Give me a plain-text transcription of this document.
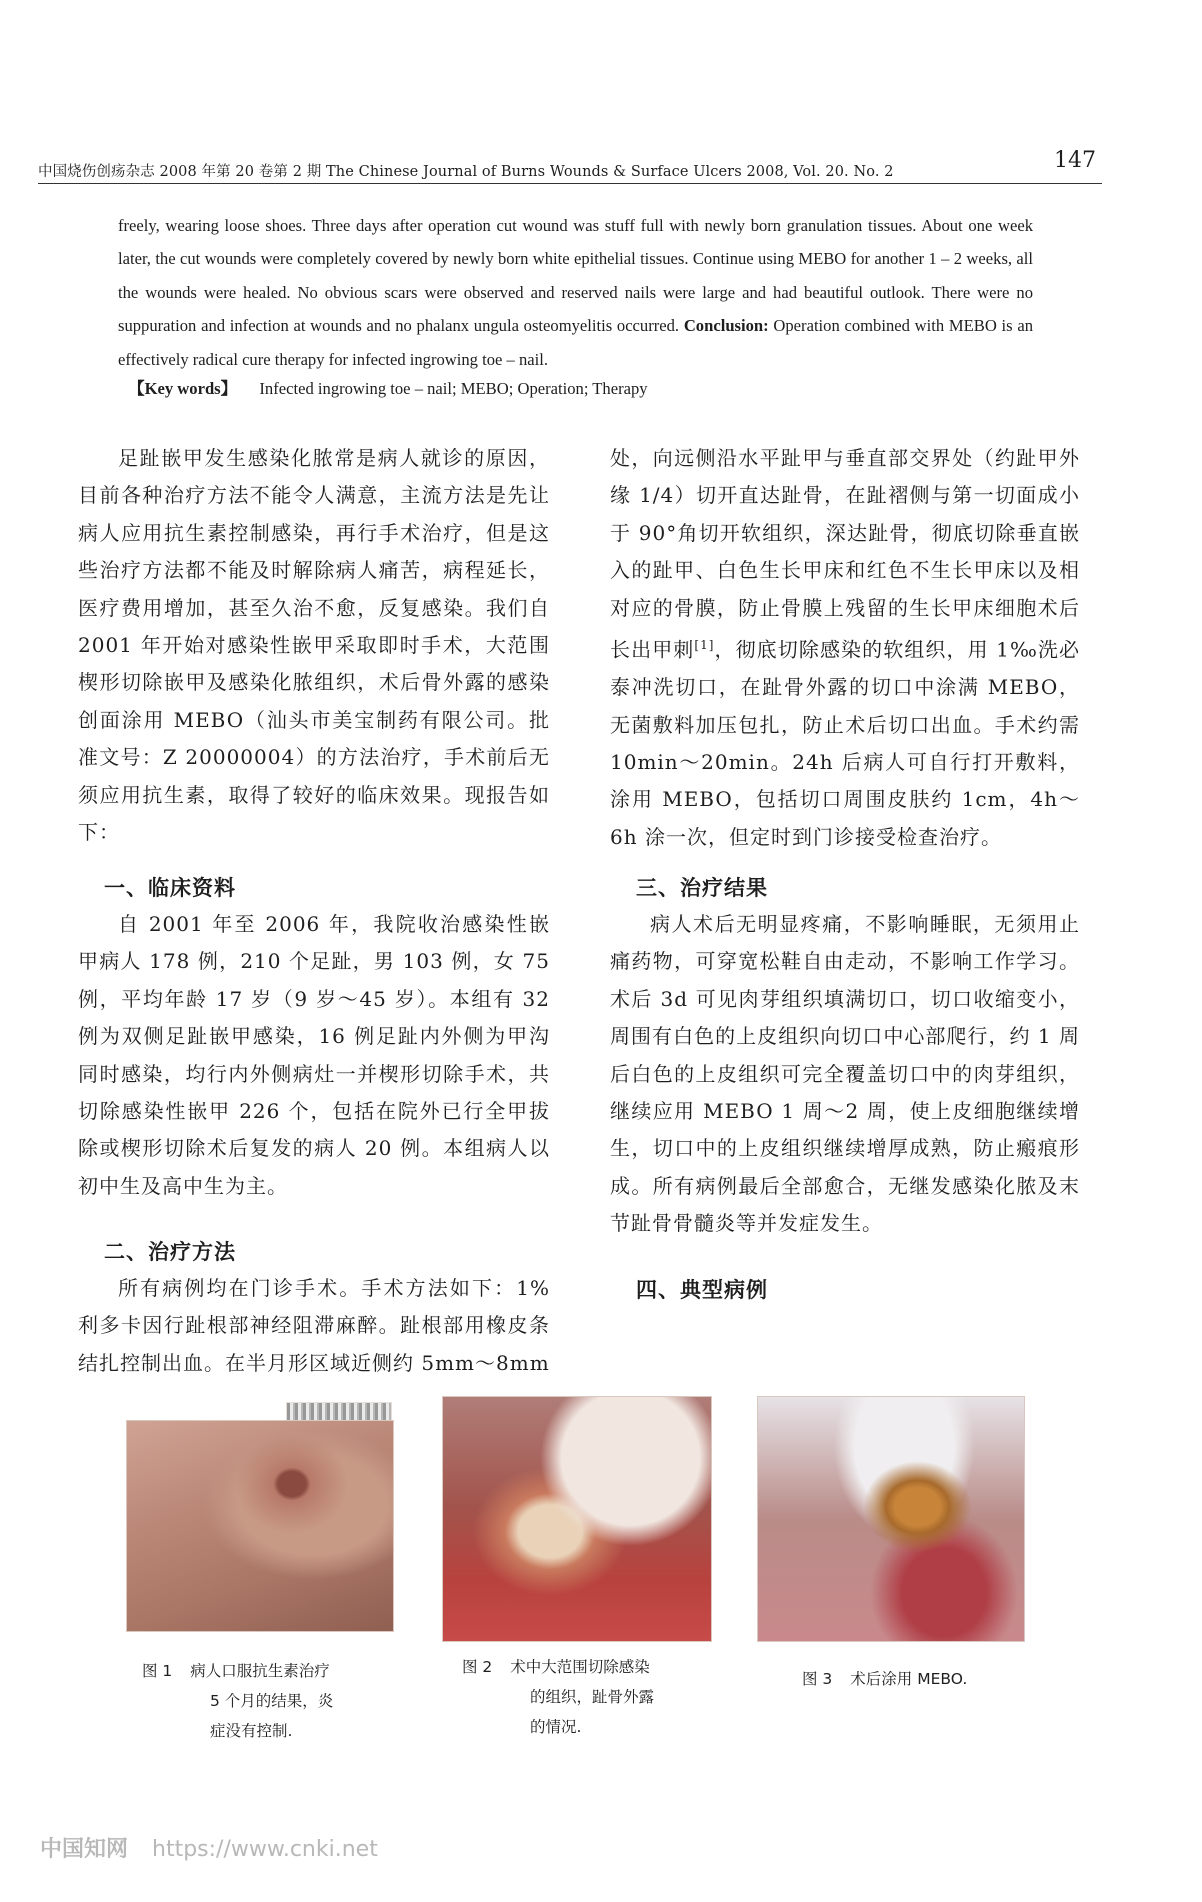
中国烧伤创疡杂志 2008 年第 20 卷第 2 期 The Chinese Journal of Burns Wounds & Surface Ulcers 2008, Vol. 20. No. 2	147
freely, wearing loose shoes. Three days after operation cut wound was stuff full with newly born granulation tissues. About one week later, the cut wounds were completely covered by newly born white epithelial tissues. Continue using MEBO for another 1 – 2 weeks, all the wounds were healed. No obvious scars were observed and reserved nails were large and had beautiful outlook. There were no suppuration and infection at wounds and no phalanx ungula osteomyelitis occurred. Conclusion: Operation combined with MEBO is an effectively radical cure therapy for infected ingrowing toe – nail.
【Key words】 Infected ingrowing toe – nail; MEBO; Operation; Therapy

足趾嵌甲发生感染化脓常是病人就诊的原因，目前各种治疗方法不能令人满意，主流方法是先让病人应用抗生素控制感染，再行手术治疗，但是这些治疗方法都不能及时解除病人痛苦，病程延长，医疗费用增加，甚至久治不愈，反复感染。我们自 2001 年开始对感染性嵌甲采取即时手术，大范围楔形切除嵌甲及感染化脓组织，术后骨外露的感染创面涂用 MEBO（汕头市美宝制药有限公司。批准文号：Z 20000004）的方法治疗，手术前后无须应用抗生素，取得了较好的临床效果。现报告如下：

一、临床资料

自 2001 年至 2006 年，我院收治感染性嵌甲病人 178 例，210 个足趾，男 103 例，女 75 例，平均年龄 17 岁（9 岁～45 岁）。本组有 32 例为双侧足趾嵌甲感染，16 例足趾内外侧为甲沟同时感染，均行内外侧病灶一并楔形切除手术，共切除感染性嵌甲 226 个，包括在院外已行全甲拔除或楔形切除术后复发的病人 20 例。本组病人以初中生及高中生为主。

二、治疗方法

所有病例均在门诊手术。手术方法如下：1% 利多卡因行趾根部神经阻滞麻醉。趾根部用橡皮条结扎控制出血。在半月形区域近侧约 5mm～8mm

处，向远侧沿水平趾甲与垂直部交界处（约趾甲外缘 1/4）切开直达趾骨，在趾褶侧与第一切面成小于 90°角切开软组织，深达趾骨，彻底切除垂直嵌入的趾甲、白色生长甲床和红色不生长甲床以及相对应的骨膜，防止骨膜上残留的生长甲床细胞术后长出甲刺[1]，彻底切除感染的软组织，用 1‰洗必泰冲洗切口，在趾骨外露的切口中涂满 MEBO，无菌敷料加压包扎，防止术后切口出血。手术约需 10min～20min。24h 后病人可自行打开敷料，涂用 MEBO，包括切口周围皮肤约 1cm，4h～6h 涂一次，但定时到门诊接受检查治疗。

三、治疗结果

病人术后无明显疼痛，不影响睡眠，无须用止痛药物，可穿宽松鞋自由走动，不影响工作学习。术后 3d 可见肉芽组织填满切口，切口收缩变小，周围有白色的上皮组织向切口中心部爬行，约 1 周后白色的上皮组织可完全覆盖切口中的肉芽组织，继续应用 MEBO 1 周～2 周，使上皮细胞继续增生，切口中的上皮组织继续增厚成熟，防止瘢痕形成。所有病例最后全部愈合，无继发感染化脓及末节趾骨骨髓炎等并发症发生。

四、典型病例
图 1 病人口服抗生素治疗
5 个月的结果，炎
症没有控制.
图 2 术中大范围切除感染
的组织，趾骨外露
的情况.
图 3 术后涂用 MEBO.
中国知网 https://www.cnki.net
